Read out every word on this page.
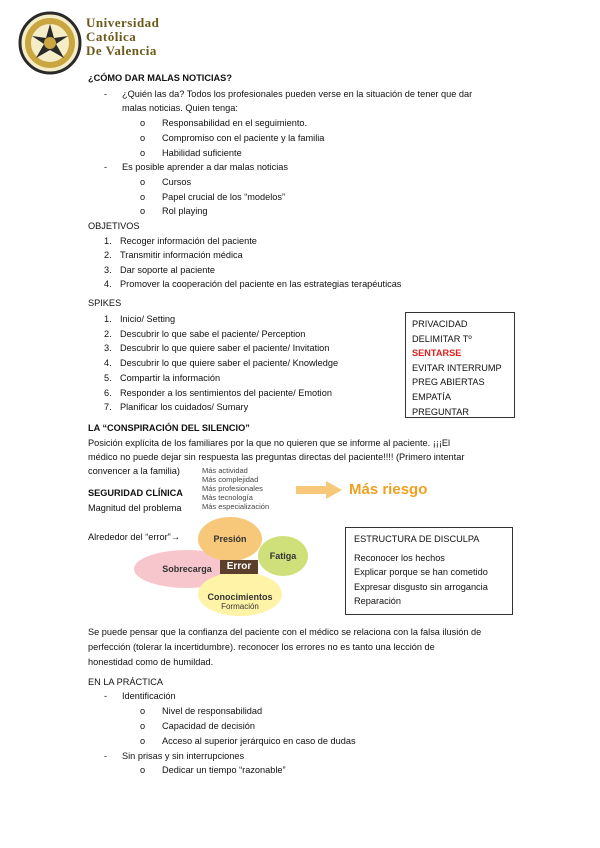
Universidad
Católica
De Valencia
¿CÓMO DAR MALAS NOTICIAS?
- ¿Quién las da? Todos los profesionales pueden verse en la situación de tener que dar
malas noticias. Quien tenga:
o Responsabilidad en el seguimiento.
o Compromiso con el paciente y la familia
o Habilidad suficiente
- Es posible aprender a dar malas noticias
o Cursos
o Papel crucial de los “modelos”
o Rol playing
OBJETIVOS
1. Recoger información del paciente
2. Transmitir información médica
3. Dar soporte al paciente
4. Promover la cooperación del paciente en las estrategias terapéuticas
SPIKES
1. Inicio/ Setting
2. Descubrir lo que sabe el paciente/ Perception
3. Descubrir lo que quiere saber el paciente/ Invitation
4. Descubrir lo que quiere saber el paciente/ Knowledge
5. Compartir la información
6. Responder a los sentimientos del paciente/ Emotion
7. Planificar los cuidados/ Sumary
PRIVACIDAD
DELIMITAR Tº
SENTARSE
EVITAR INTERRUMP
PREG ABIERTAS
EMPATÍA
PREGUNTAR
LA “CONSPIRACIÓN DEL SILENCIO”
Posición explícita de los familiares por la que no quieren que se informe al paciente. ¡¡¡El
médico no puede dejar sin respuesta las preguntas directas del paciente!!!! (Primero intentar
convencer a la familia)
SEGURIDAD CLÍNICA
Magnitud del problema
Más actividad
Más complejidad
Más profesionales
Más tecnología
Más especialización
Más riesgo
Alrededor del “error”→
Sobrecarga
Conocimientos
Formación
Presión
Fatiga
Error
ESTRUCTURA DE DISCULPA
Reconocer los hechos
Explicar porque se han cometido
Expresar disgusto sin arrogancia
Reparación
Se puede pensar que la confianza del paciente con el médico se relaciona con la falsa ilusión de
perfección (tolerar la incertidumbre). reconocer los errores no es tanto una lección de
honestidad como de humildad.
EN LA PRÁCTICA
- Identificación
o Nivel de responsabilidad
o Capacidad de decisión
o Acceso al superior jerárquico en caso de dudas
- Sin prisas y sin interrupciones
o Dedicar un tiempo “razonable”
